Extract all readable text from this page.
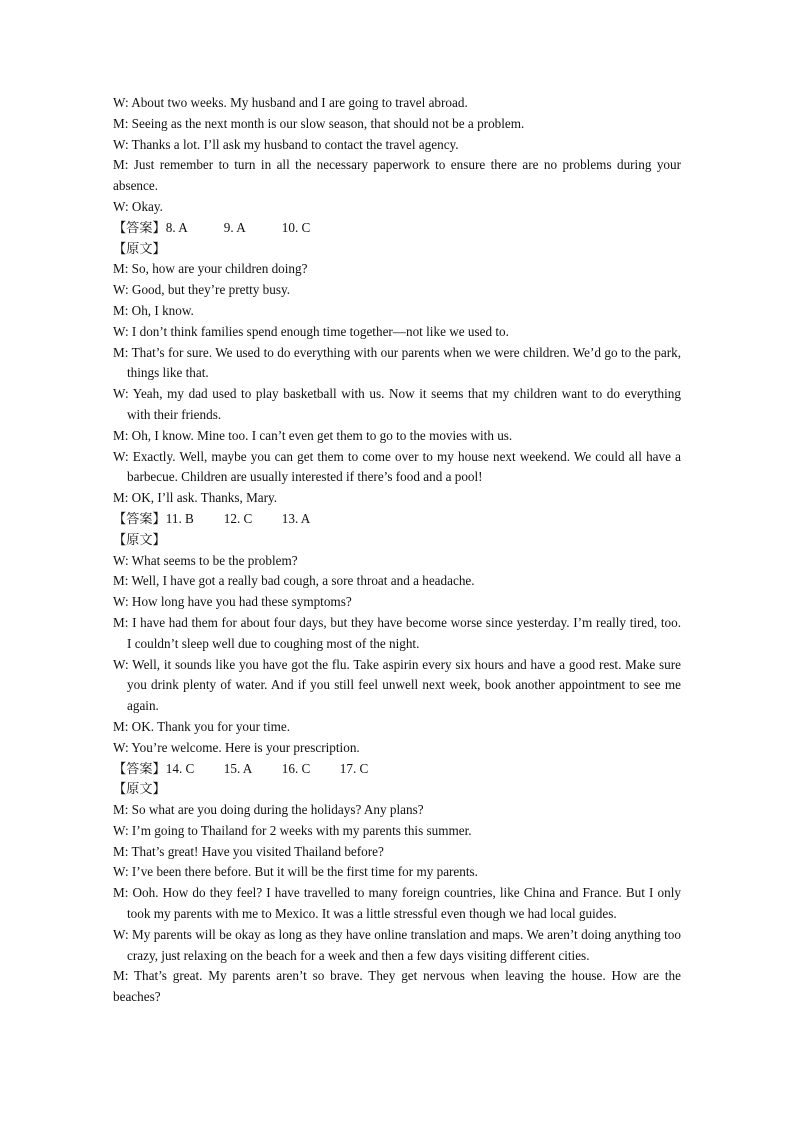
W: About two weeks. My husband and I are going to travel abroad.

M: Seeing as the next month is our slow season, that should not be a problem.

W: Thanks a lot. I’ll ask my husband to contact the travel agency.

M: Just remember to turn in all the necessary paperwork to ensure there are no problems during your absence.

W: Okay.

【答案】8. A	9. A	10. C

【原文】

M: So, how are your children doing?

W: Good, but they’re pretty busy.

M: Oh, I know.

W: I don’t think families spend enough time together—not like we used to.

M: That’s for sure. We used to do everything with our parents when we were children. We’d go to the park, things like that.

W: Yeah, my dad used to play basketball with us. Now it seems that my children want to do everything with their friends.

M: Oh, I know. Mine too. I can’t even get them to go to the movies with us.

W: Exactly. Well, maybe you can get them to come over to my house next weekend. We could all have a barbecue. Children are usually interested if there’s food and a pool!

M: OK, I’ll ask. Thanks, Mary.

【答案】11. B 12. C 13. A

【原文】

W: What seems to be the problem?

M: Well, I have got a really bad cough, a sore throat and a headache.

W: How long have you had these symptoms?

M: I have had them for about four days, but they have become worse since yesterday. I’m really tired, too. I couldn’t sleep well due to coughing most of the night.

W: Well, it sounds like you have got the flu. Take aspirin every six hours and have a good rest. Make sure you drink plenty of water. And if you still feel unwell next week, book another appointment to see me again.

M: OK. Thank you for your time.

W: You’re welcome. Here is your prescription.

【答案】14. C 15. A 16. C 17. C

【原文】

M: So what are you doing during the holidays? Any plans?

W: I’m going to Thailand for 2 weeks with my parents this summer.

M: That’s great! Have you visited Thailand before?

W: I’ve been there before. But it will be the first time for my parents.

M: Ooh. How do they feel? I have travelled to many foreign countries, like China and France. But I only took my parents with me to Mexico. It was a little stressful even though we had local guides.

W: My parents will be okay as long as they have online translation and maps. We aren’t doing anything too crazy, just relaxing on the beach for a week and then a few days visiting different cities.

M: That’s great. My parents aren’t so brave. They get nervous when leaving the house. How are the beaches?
